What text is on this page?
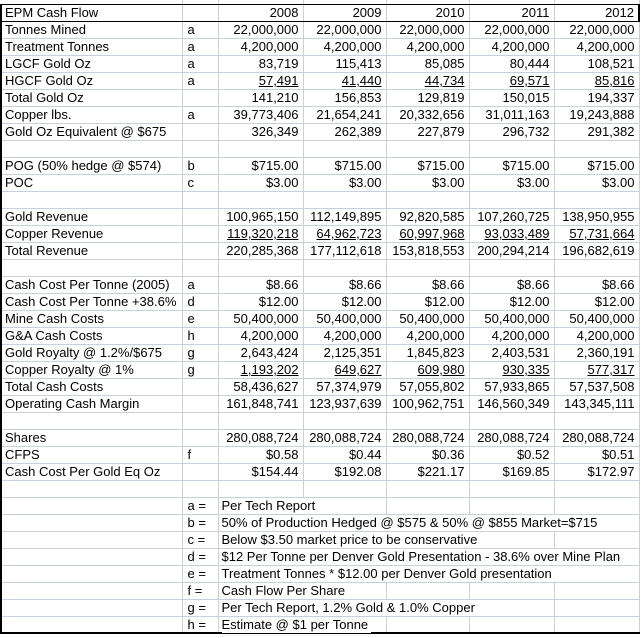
EPM Cash Flow		2008	2009	2010	2011	2012
Tonnes Mined	a	22,000,000	22,000,000	22,000,000	22,000,000	22,000,000
Treatment Tonnes	a	4,200,000	4,200,000	4,200,000	4,200,000	4,200,000
LGCF Gold Oz	a	83,719	115,413	85,085	80,444	108,521
HGCF Gold Oz	a	57,491	41,440	44,734	69,571	85,816
Total Gold Oz		141,210	156,853	129,819	150,015	194,337
Copper lbs.	a	39,773,406	21,654,241	20,332,656	31,011,163	19,243,888
Gold Oz Equivalent @ $675		326,349	262,389	227,879	296,732	291,382

POG (50% hedge @ $574)	b	$715.00	$715.00	$715.00	$715.00	$715.00
POC	c	$3.00	$3.00	$3.00	$3.00	$3.00

Gold Revenue		100,965,150	112,149,895	92,820,585	107,260,725	138,950,955
Copper Revenue		119,320,218	64,962,723	60,997,968	93,033,489	57,731,664
Total Revenue		220,285,368	177,112,618	153,818,553	200,294,214	196,682,619

Cash Cost Per Tonne (2005)	a	$8.66	$8.66	$8.66	$8.66	$8.66
Cash Cost Per Tonne +38.6%	d	$12.00	$12.00	$12.00	$12.00	$12.00
Mine Cash Costs	e	50,400,000	50,400,000	50,400,000	50,400,000	50,400,000
G&A Cash Costs	h	4,200,000	4,200,000	4,200,000	4,200,000	4,200,000
Gold Royalty @ 1.2%/$675	g	2,643,424	2,125,351	1,845,823	2,403,531	2,360,191
Copper Royalty @ 1%	g	1,193,202	649,627	609,980	930,335	577,317
Total Cash Costs		58,436,627	57,374,979	57,055,802	57,933,865	57,537,508
Operating Cash Margin		161,848,741	123,937,639	100,962,751	146,560,349	143,345,111

Shares		280,088,724	280,088,724	280,088,724	280,088,724	280,088,724
CFPS	f	$0.58	$0.44	$0.36	$0.52	$0.51
Cash Cost Per Gold Eq Oz		$154.44	$192.08	$221.17	$169.85	$172.97

	a =	Per Tech Report				

	b =	50% of Production Hedged @ $575 & 50% @ $855 Market=$715				

	c =	Below $3.50 market price to be conservative				

	d =	$12 Per Tonne per Denver Gold Presentation - 38.6% over Mine Plan				

	e =	Treatment Tonnes * $12.00 per Denver Gold presentation				

	f =	Cash Flow Per Share				

	g =	Per Tech Report, 1.2% Gold & 1.0% Copper				

	h =	Estimate @ $1 per Tonne				
